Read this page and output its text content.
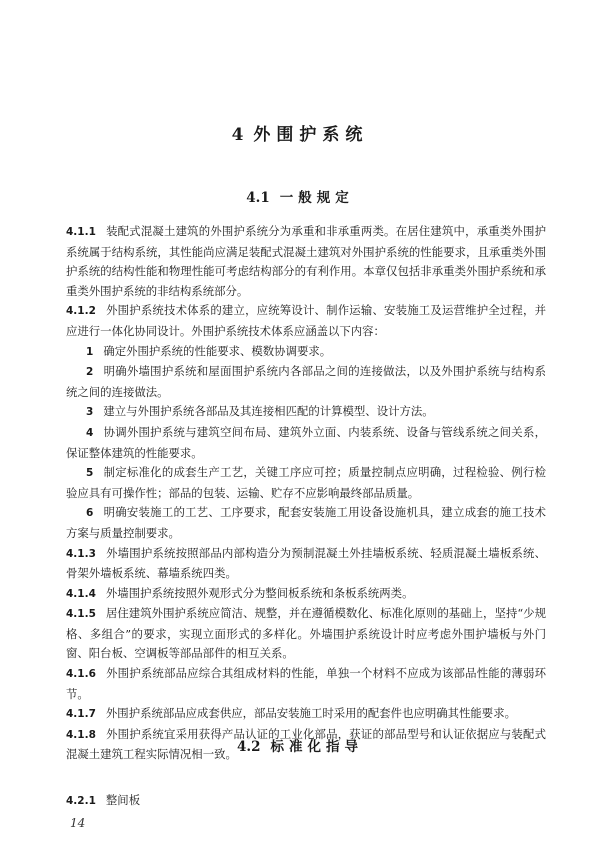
4 外围护系统
4.1 一般规定

4.1.1 装配式混凝土建筑的外围护系统分为承重和非承重两类。在居住建筑中，承重类外围护系统属于结构系统，其性能尚应满足装配式混凝土建筑对外围护系统的性能要求，且承重类外围护系统的结构性能和物理性能可考虑结构部分的有利作用。本章仅包括非承重类外围护系统和承重类外围护系统的非结构系统部分。

4.1.2 外围护系统技术体系的建立，应统筹设计、制作运输、安装施工及运营维护全过程，并应进行一体化协同设计。外围护系统技术体系应涵盖以下内容：

1 确定外围护系统的性能要求、模数协调要求。

2 明确外墙围护系统和屋面围护系统内各部品之间的连接做法，以及外围护系统与结构系统之间的连接做法。

3 建立与外围护系统各部品及其连接相匹配的计算模型、设计方法。

4 协调外围护系统与建筑空间布局、建筑外立面、内装系统、设备与管线系统之间关系，保证整体建筑的性能要求。

5 制定标准化的成套生产工艺，关键工序应可控；质量控制点应明确，过程检验、例行检验应具有可操作性；部品的包装、运输、贮存不应影响最终部品质量。

6 明确安装施工的工艺、工序要求，配套安装施工用设备设施机具，建立成套的施工技术方案与质量控制要求。

4.1.3 外墙围护系统按照部品内部构造分为预制混凝土外挂墙板系统、轻质混凝土墙板系统、骨架外墙板系统、幕墙系统四类。

4.1.4 外墙围护系统按照外观形式分为整间板系统和条板系统两类。

4.1.5 居住建筑外围护系统应简洁、规整，并在遵循模数化、标准化原则的基础上，坚持“少规格、多组合”的要求，实现立面形式的多样化。外墙围护系统设计时应考虑外围护墙板与外门窗、阳台板、空调板等部品部件的相互关系。

4.1.6 外围护系统部品应综合其组成材料的性能，单独一个材料不应成为该部品性能的薄弱环节。

4.1.7 外围护系统部品应成套供应，部品安装施工时采用的配套件也应明确其性能要求。

4.1.8 外围护系统宜采用获得产品认证的工业化部品，获证的部品型号和认证依据应与装配式混凝土建筑工程实际情况相一致。 4.2 标准化指导
4.2.1 整间板
14
